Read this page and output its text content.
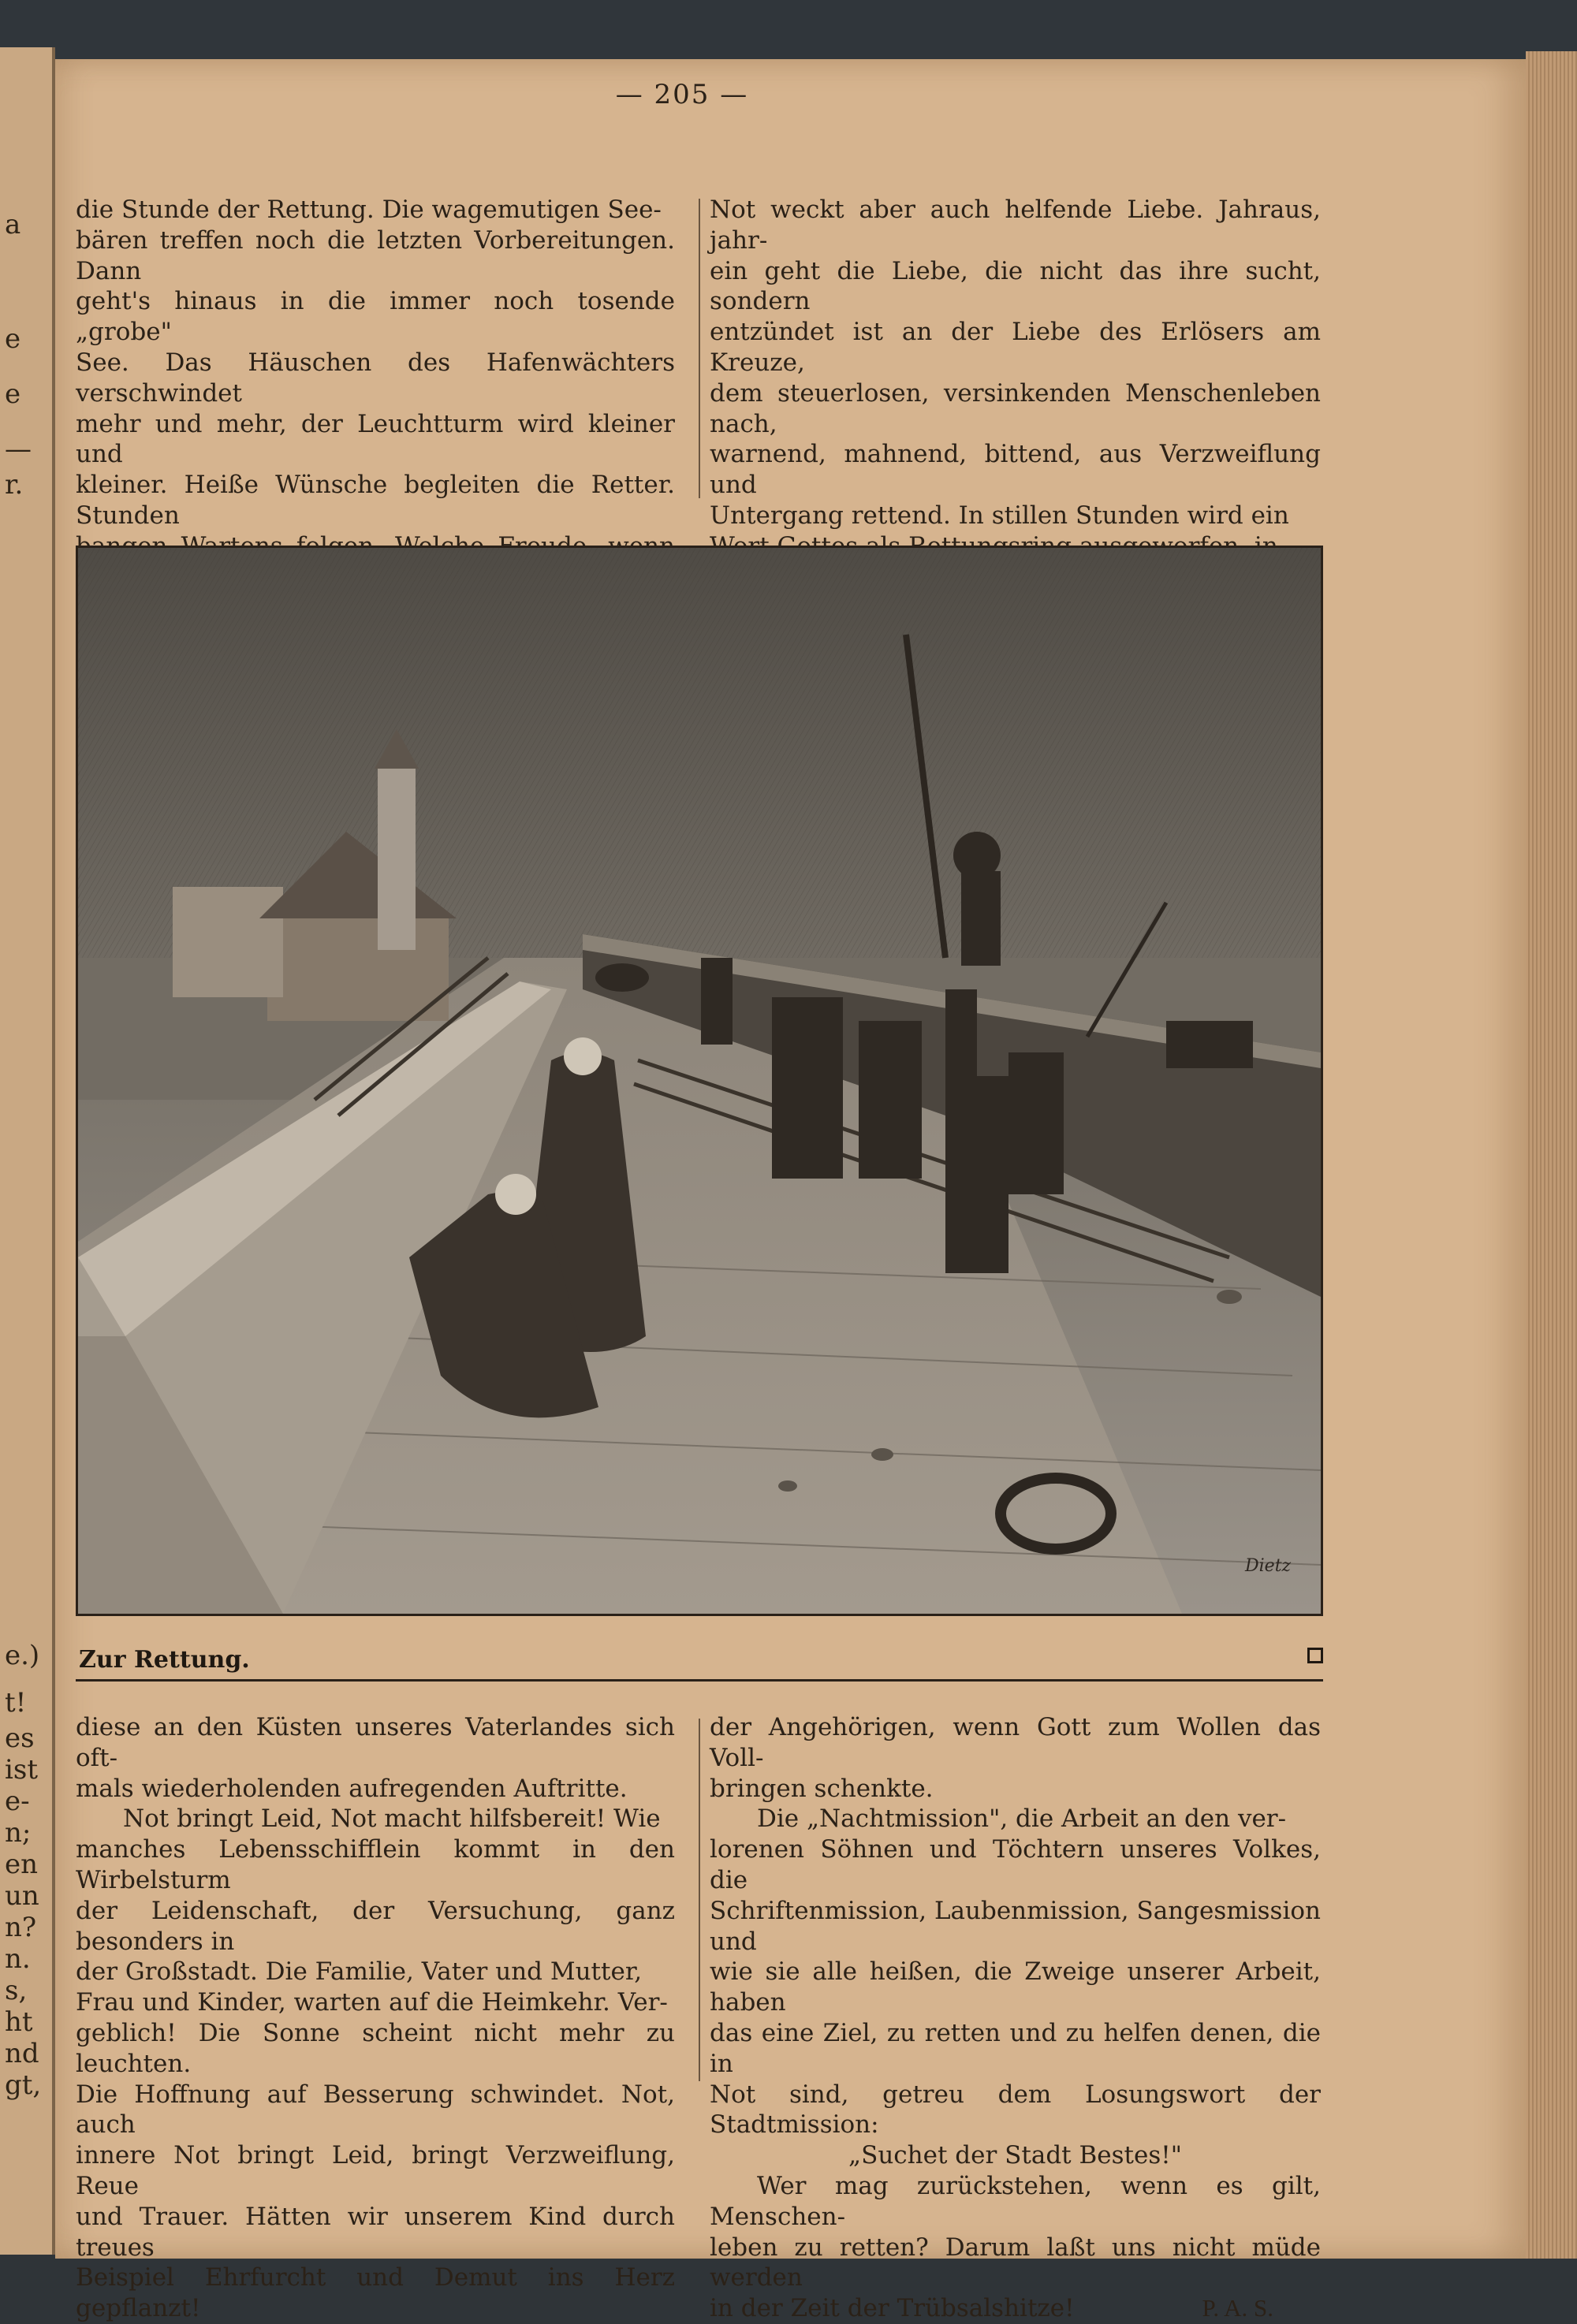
a
e
e
—
r.
e.)
t!
es
ist
e-
n;
en
un
n?
n.
s,
ht
nd
gt,
— 205 —

die Stunde der Rettung. Die wagemutigen See-

bären treffen noch die letzten Vorbereitungen. Dann

geht's hinaus in die immer noch tosende „grobe"

See. Das Häuschen des Hafenwächters verschwindet

mehr und mehr, der Leuchtturm wird kleiner und

kleiner. Heiße Wünsche begleiten die Retter. Stunden

Not weckt aber auch helfende Liebe. Jahraus, jahr-

ein geht die Liebe, die nicht das ihre sucht, sondern

entzündet ist an der Liebe des Erlösers am Kreuze,

dem steuerlosen, versinkenden Menschenleben nach,

warnend, mahnend, bittend, aus Verzweiflung und

Untergang rettend. In stillen Stunden wird ein

Dietz
Zur Rettung.

diese an den Küsten unseres Vaterlandes sich oft-

mals wiederholenden aufregenden Auftritte.

Not bringt Leid, Not macht hilfsbereit! Wie

manches Lebensschifflein kommt in den Wirbelsturm

der Leidenschaft, der Versuchung, ganz besonders in

der Großstadt. Die Familie, Vater und Mutter,

Frau und Kinder, warten auf die Heimkehr. Ver-

geblich! Die Sonne scheint nicht mehr zu leuchten.

Die Hoffnung auf Besserung schwindet. Not, auch

innere Not bringt Leid, bringt Verzweiflung, Reue

und Trauer. Hätten wir unserem Kind durch treues

Beispiel Ehrfurcht und Demut ins Herz gepflanzt!

der Angehörigen, wenn Gott zum Wollen das Voll-

bringen schenkte.

Die „Nachtmission", die Arbeit an den ver-

lorenen Söhnen und Töchtern unseres Volkes, die

Schriftenmission, Laubenmission, Sangesmission und

wie sie alle heißen, die Zweige unserer Arbeit, haben

das eine Ziel, zu retten und zu helfen denen, die in

Not sind, getreu dem Losungswort der Stadtmission:

„Suchet der Stadt Bestes!"

Wer mag zurückstehen, wenn es gilt, Menschen-

leben zu retten? Darum laßt uns nicht müde werden

in der Zeit der Trübsalshitze!	P. A. S.
